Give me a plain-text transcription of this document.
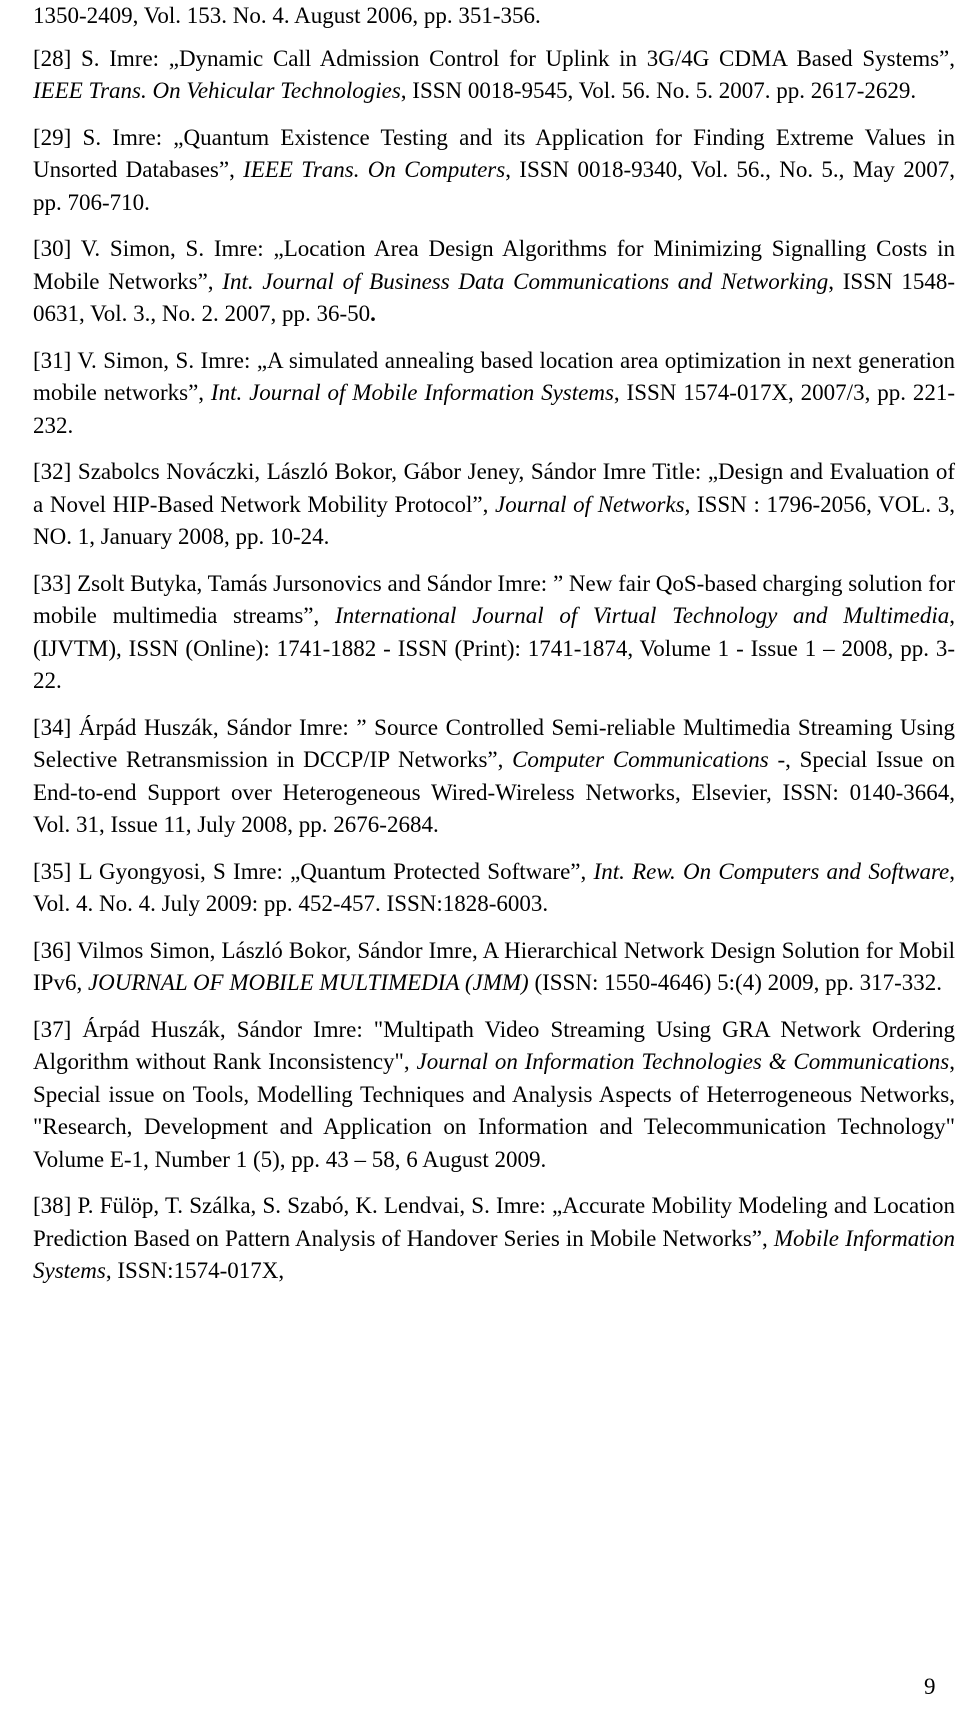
1350-2409, Vol. 153. No. 4. August 2006, pp. 351-356.

[28] S. Imre: „Dynamic Call Admission Control for Uplink in 3G/4G CDMA Based Systems”, IEEE Trans. On Vehicular Technologies, ISSN 0018-9545, Vol. 56. No. 5. 2007. pp. 2617-2629.

[29] S. Imre: „Quantum Existence Testing and its Application for Finding Extreme Values in Unsorted Databases”, IEEE Trans. On Computers, ISSN 0018-9340, Vol. 56., No. 5., May 2007, pp. 706-710.

[30] V. Simon, S. Imre: „Location Area Design Algorithms for Minimizing Signalling Costs in Mobile Networks”, Int. Journal of Business Data Communications and Networking, ISSN 1548-0631, Vol. 3., No. 2. 2007, pp. 36-50.

[31] V. Simon, S. Imre: „A simulated annealing based location area optimization in next generation mobile networks”, Int. Journal of Mobile Information Systems, ISSN 1574-017X, 2007/3, pp. 221-232.

[32] Szabolcs Nováczki, László Bokor, Gábor Jeney, Sándor Imre Title: „Design and Evaluation of a Novel HIP-Based Network Mobility Protocol”, Journal of Networks, ISSN : 1796-2056, VOL. 3, NO. 1, January 2008, pp. 10-24.

[33] Zsolt Butyka, Tamás Jursonovics and Sándor Imre: ” New fair QoS-based charging solution for mobile multimedia streams”, International Journal of Virtual Technology and Multimedia, (IJVTM), ISSN (Online): 1741-1882 - ISSN (Print): 1741-1874, Volume 1 - Issue 1 – 2008, pp. 3-22.

[34] Árpád Huszák, Sándor Imre: ” Source Controlled Semi-reliable Multimedia Streaming Using Selective Retransmission in DCCP/IP Networks”, Computer Communications -, Special Issue on End-to-end Support over Heterogeneous Wired-Wireless Networks, Elsevier, ISSN: 0140-3664, Vol. 31, Issue 11, July 2008, pp. 2676-2684.

[35] L Gyongyosi, S Imre: „Quantum Protected Software”, Int. Rew. On Computers and Software, Vol. 4. No. 4. July 2009: pp. 452-457. ISSN:1828-6003.

[36] Vilmos Simon, László Bokor, Sándor Imre, A Hierarchical Network Design Solution for Mobil IPv6, JOURNAL OF MOBILE MULTIMEDIA (JMM) (ISSN: 1550-4646) 5:(4) 2009, pp. 317-332.

[37] Árpád Huszák, Sándor Imre: "Multipath Video Streaming Using GRA Network Ordering Algorithm without Rank Inconsistency", Journal on Information Technologies & Communications, Special issue on Tools, Modelling Techniques and Analysis Aspects of Heterrogeneous Networks, "Research, Development and Application on Information and Telecommunication Technology" Volume E-1, Number 1 (5), pp. 43 – 58, 6 August 2009.

[38] P. Fülöp, T. Szálka, S. Szabó, K. Lendvai, S. Imre: „Accurate Mobility Modeling and Location Prediction Based on Pattern Analysis of Handover Series in Mobile Networks”, Mobile Information Systems, ISSN:1574-017X,

9
